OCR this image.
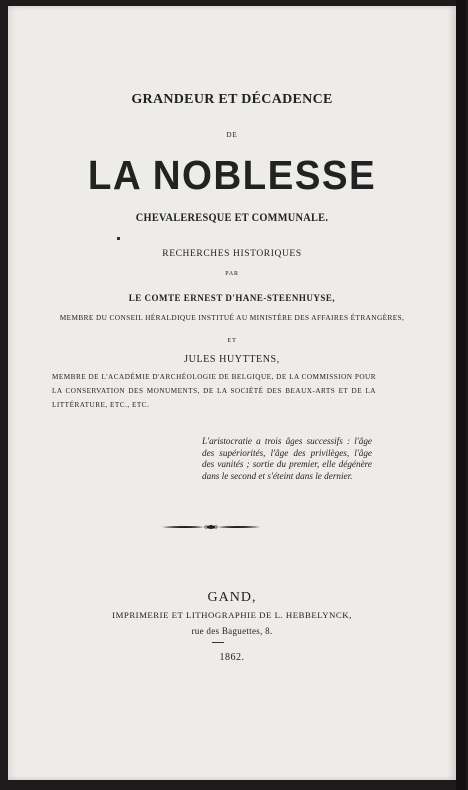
GRANDEUR ET DÉCADENCE
DE
LA NOBLESSE
CHEVALERESQUE ET COMMUNALE.
RECHERCHES HISTORIQUES
PAR
LE COMTE ERNEST D'HANE-STEENHUYSE,
MEMBRE DU CONSEIL HÉRALDIQUE INSTITUÉ AU MINISTÈRE DES AFFAIRES ÉTRANGÈRES,
ET
JULES HUYTTENS,
MEMBRE DE L'ACADÉMIE D'ARCHÉOLOGIE DE BELGIQUE, DE LA COMMISSION POUR LA CONSERVATION DES MONUMENTS, DE LA SOCIÉTÉ DES BEAUX-ARTS ET DE LA LITTÉRATURE, ETC., ETC.
L'aristocratie a trois âges successifs : l'âge des supériorités, l'âge des privilèges, l'âge des vanités ; sortie du premier, elle dégénère dans le second et s'éteint dans le dernier.
GAND,
IMPRIMERIE ET LITHOGRAPHIE DE L. HEBBELYNCK,
rue des Baguettes, 8.
1862.
